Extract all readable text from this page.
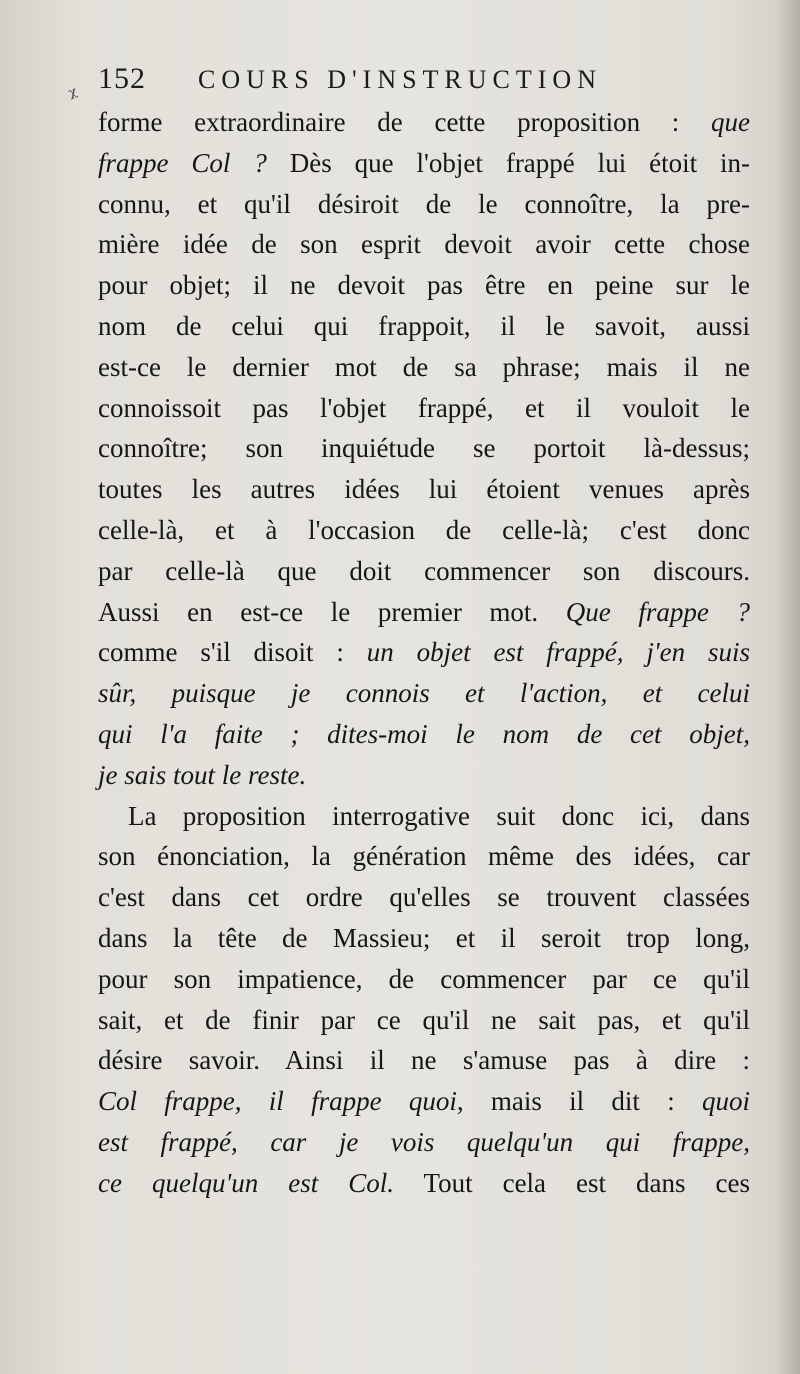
152 COURS D'INSTRUCTION
ᵡ
forme extraordinaire de cette proposition : que
frappe Col ? Dès que l'objet frappé lui étoit in-
connu, et qu'il désiroit de le connoître, la pre-
mière idée de son esprit devoit avoir cette chose
pour objet; il ne devoit pas être en peine sur le
nom de celui qui frappoit, il le savoit, aussi
est-ce le dernier mot de sa phrase; mais il ne
connoissoit pas l'objet frappé, et il vouloit le
connoître; son inquiétude se portoit là-dessus;
toutes les autres idées lui étoient venues après
celle-là, et à l'occasion de celle-là; c'est donc
par celle-là que doit commencer son discours.
Aussi en est-ce le premier mot. Que frappe ?
comme s'il disoit : un objet est frappé, j'en suis
sûr, puisque je connois et l'action, et celui
qui l'a faite ; dites-moi le nom de cet objet,
je sais tout le reste.
La proposition interrogative suit donc ici, dans
son énonciation, la génération même des idées, car
c'est dans cet ordre qu'elles se trouvent classées
dans la tête de Massieu; et il seroit trop long,
pour son impatience, de commencer par ce qu'il
sait, et de finir par ce qu'il ne sait pas, et qu'il
désire savoir. Ainsi il ne s'amuse pas à dire :
Col frappe, il frappe quoi, mais il dit : quoi
est frappé, car je vois quelqu'un qui frappe,
ce quelqu'un est Col. Tout cela est dans ces
